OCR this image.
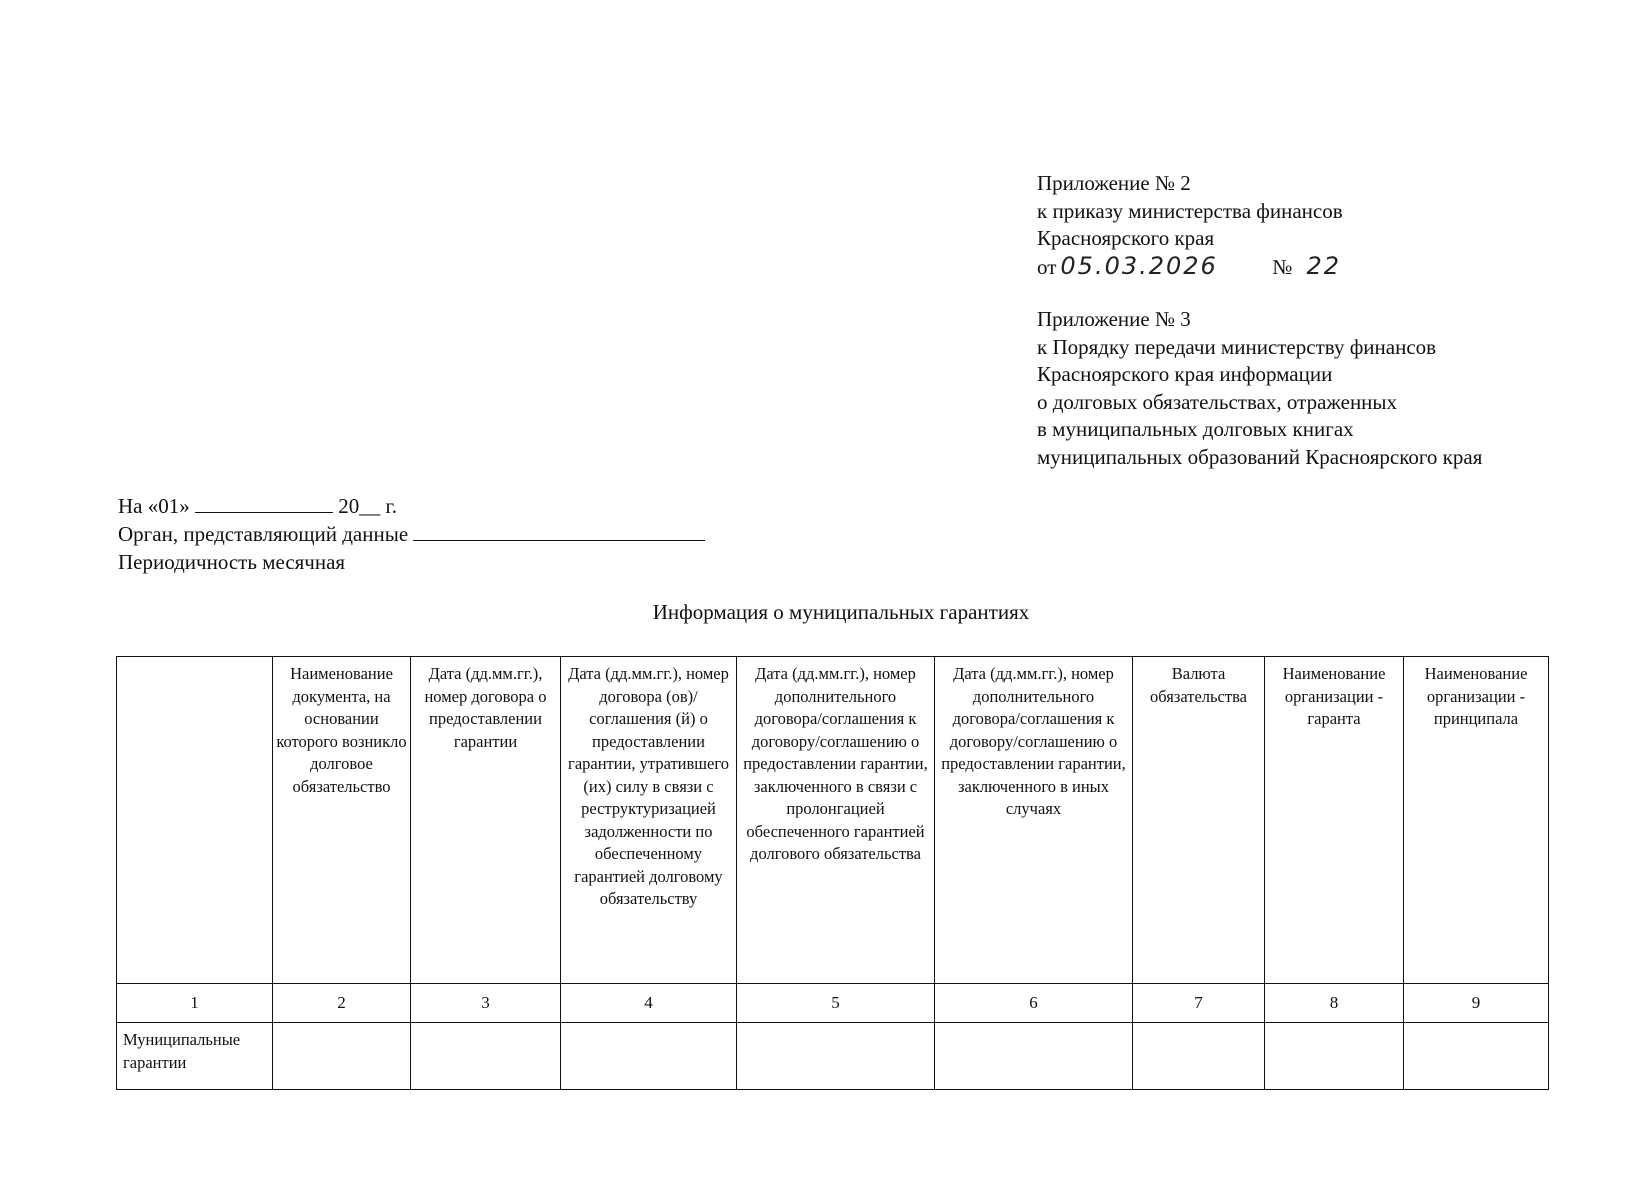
Приложение № 2
к приказу министерства финансов
Красноярского края
от 05.03.2026	№ 22
Приложение № 3
к Порядку передачи министерству финансов
Красноярского края информации
о долговых обязательствах, отраженных
в муниципальных долговых книгах
муниципальных образований Красноярского края
На «01»	20__ г.
Орган, представляющий данные
Периодичность месячная
Информация о муниципальных гарантиях
	Наименование документа, на основании которого возникло долговое обязательство	Дата (дд.мм.гг.), номер договора о предоставлении гарантии	Дата (дд.мм.гг.), номер договора (ов)/соглашения (й) о предоставлении гарантии, утратившего (их) силу в связи с реструктуризацией задолженности по обеспеченному гарантией долговому обязательству	Дата (дд.мм.гг.), номер дополнительного договора/соглашения к договору/соглашению о предоставлении гарантии, заключенного в связи с пролонгацией обеспеченного гарантией долгового обязательства	Дата (дд.мм.гг.), номер дополнительного договора/соглашения к договору/соглашению о предоставлении гарантии, заключенного в иных случаях	Валюта обязательства	Наименование организации - гаранта	Наименование организации - принципала
1	2	3	4	5	6	7	8	9
Муниципальные гарантии								
